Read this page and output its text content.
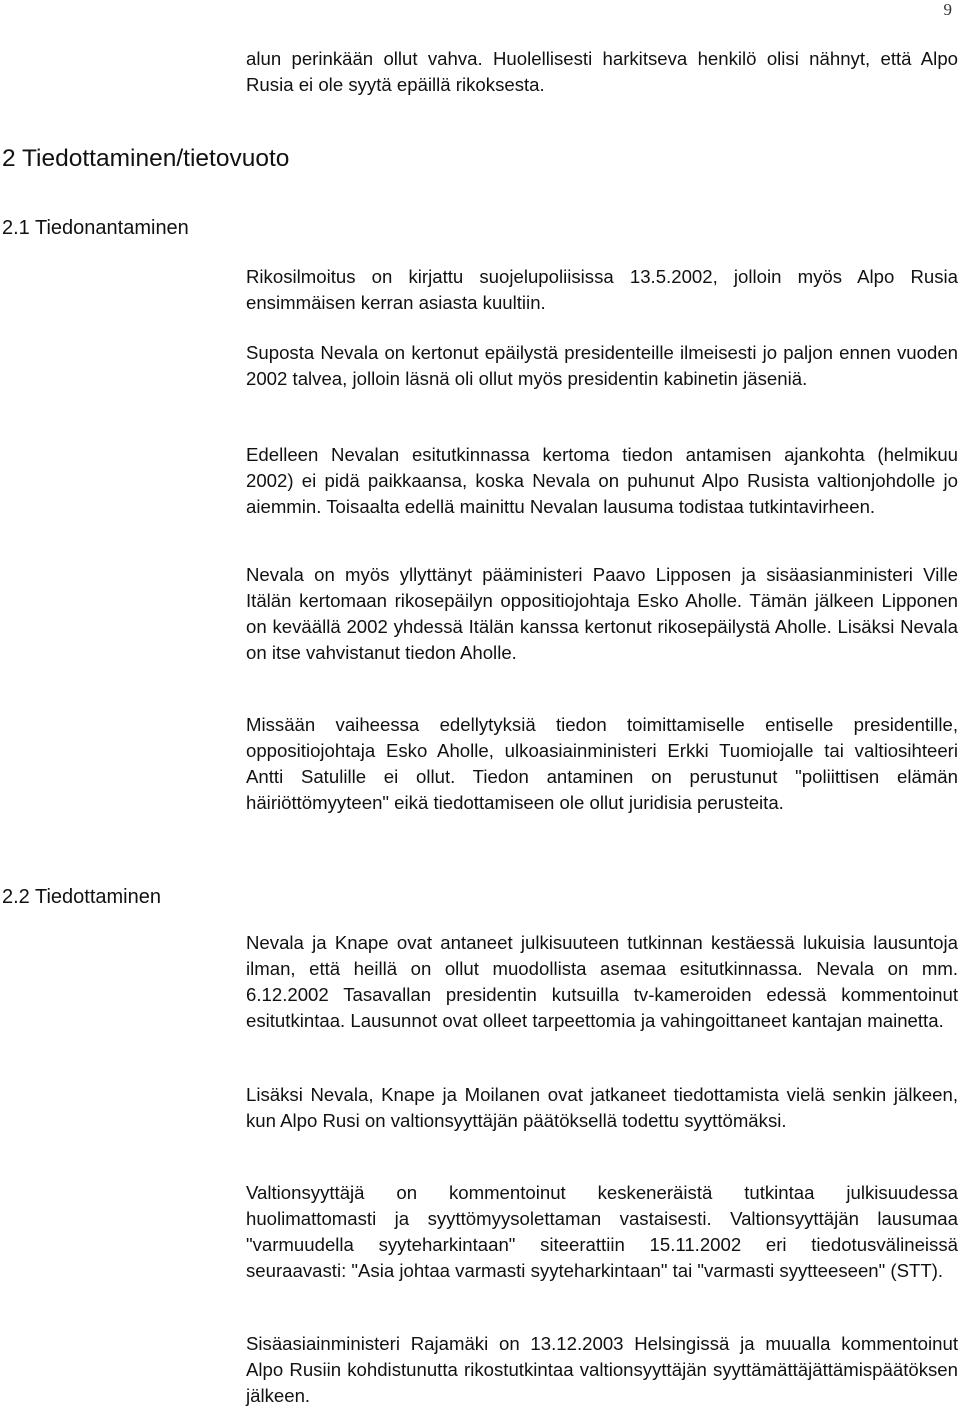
9

alun perinkään ollut vahva. Huolellisesti harkitseva henkilö olisi nähnyt, että Alpo Rusia ei ole syytä epäillä rikoksesta.

2 Tiedottaminen/tietovuoto
2.1 Tiedonantaminen

Rikosilmoitus on kirjattu suojelupoliisissa 13.5.2002, jolloin myös Alpo Rusia ensimmäisen kerran asiasta kuultiin.

Suposta Nevala on kertonut epäilystä presidenteille ilmeisesti jo paljon ennen vuoden 2002 talvea, jolloin läsnä oli ollut myös presidentin kabinetin jäseniä.

Edelleen Nevalan esitutkinnassa kertoma tiedon antamisen ajankohta (helmikuu 2002) ei pidä paikkaansa, koska Nevala on puhunut Alpo Rusista valtionjohdolle jo aiemmin. Toisaalta edellä mainittu Nevalan lausuma todistaa tutkintavirheen.

Nevala on myös yllyttänyt pääministeri Paavo Lipposen ja sisäasianministeri Ville Itälän kertomaan rikosepäilyn oppositiojohtaja Esko Aholle. Tämän jälkeen Lipponen on keväällä 2002 yhdessä Itälän kanssa kertonut rikosepäilystä Aholle. Lisäksi Nevala on itse vahvistanut tiedon Aholle.

Missään vaiheessa edellytyksiä tiedon toimittamiselle entiselle presidentille, oppositiojohtaja Esko Aholle, ulkoasiainministeri Erkki Tuomiojalle tai valtiosihteeri Antti Satulille ei ollut. Tiedon antaminen on perustunut "poliittisen elämän häiriöttömyyteen" eikä tiedottamiseen ole ollut juridisia perusteita.

2.2 Tiedottaminen

Nevala ja Knape ovat antaneet julkisuuteen tutkinnan kestäessä lukuisia lausuntoja ilman, että heillä on ollut muodollista asemaa esitutkinnassa. Nevala on mm. 6.12.2002 Tasavallan presidentin kutsuilla tv-kameroiden edessä kommentoinut esitutkintaa. Lausunnot ovat olleet tarpeettomia ja vahingoittaneet kantajan mainetta.

Lisäksi Nevala, Knape ja Moilanen ovat jatkaneet tiedottamista vielä senkin jälkeen, kun Alpo Rusi on valtionsyyttäjän päätöksellä todettu syyttömäksi.

Valtionsyyttäjä on kommentoinut keskeneräistä tutkintaa julkisuudessa huolimattomasti ja syyttömyysolettaman vastaisesti. Valtionsyyttäjän lausumaa "varmuudella syyteharkintaan" siteerattiin 15.11.2002 eri tiedotusvälineissä seuraavasti: "Asia johtaa varmasti syyteharkintaan" tai "varmasti syytteeseen" (STT).

Sisäasiainministeri Rajamäki on 13.12.2003 Helsingissä ja muualla kommentoinut Alpo Rusiin kohdistunutta rikostutkintaa valtionsyyttäjän syyttämättäjättämispäätöksen jälkeen.
